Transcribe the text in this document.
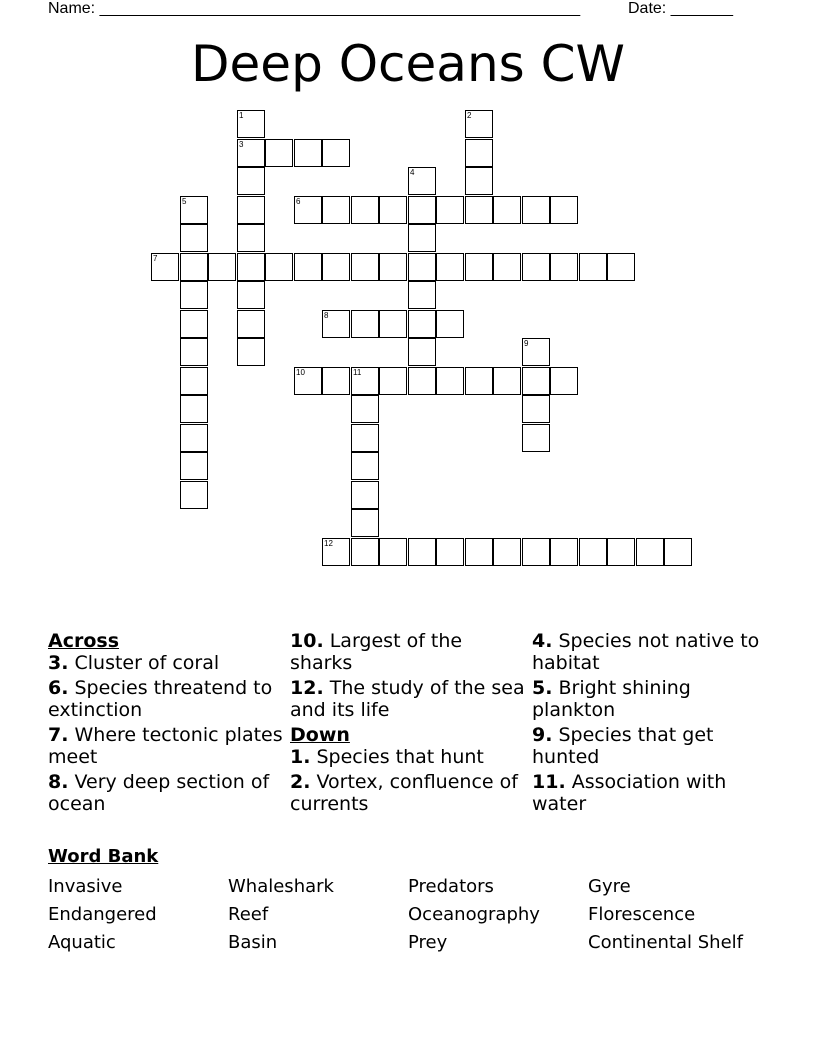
Name: ______________________________________________________	Date: _______
Deep Oceans CW
1
3
2
4
5	6
7
8
9
10	11
12
Across
3. Cluster of coral
6. Species threatend to extinction
7. Where tectonic plates meet
8. Very deep section of ocean
10. Largest of the sharks
12. The study of the sea and its life
Down
1. Species that hunt
2. Vortex, confluence of currents
4. Species not native to habitat
5. Bright shining plankton
9. Species that get hunted
11. Association with water
Word Bank
Invasive	Whaleshark	Predators	Gyre
Endangered	Reef	Oceanography	Florescence
Aquatic	Basin	Prey	Continental Shelf
